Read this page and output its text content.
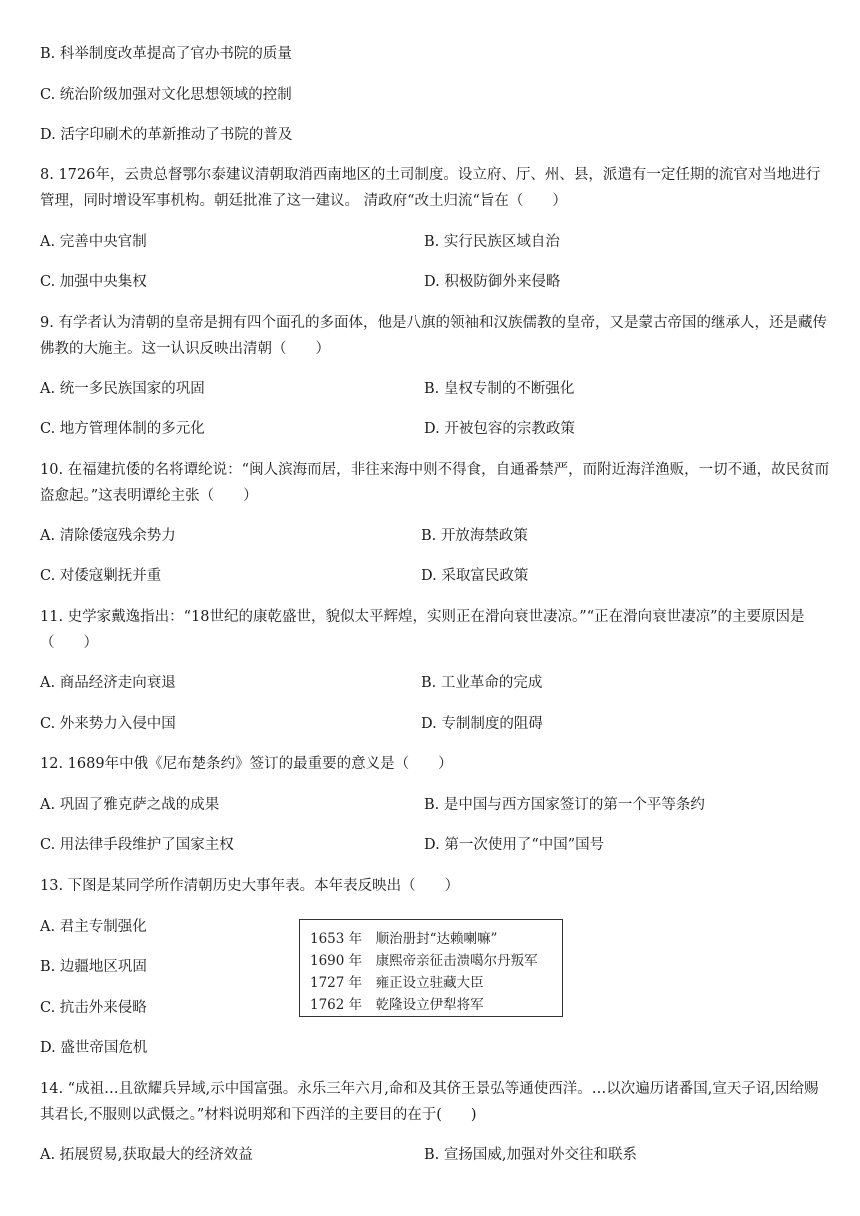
B. 科举制度改革提高了官办书院的质量
C. 统治阶级加强对文化思想领域的控制
D. 活字印刷术的革新推动了书院的普及
8. 1726年，云贵总督鄂尔泰建议清朝取消西南地区的土司制度。设立府、厅、州、县，派遣有一定任期的流官对当地进行管理，同时增设军事机构。朝廷批准了这一建议。 清政府“改土归流“旨在（　　）
A. 完善中央官制	B. 实行民族区域自治
C. 加强中央集权	D. 积极防御外来侵略
9. 有学者认为清朝的皇帝是拥有四个面孔的多面体，他是八旗的领袖和汉族儒教的皇帝，又是蒙古帝国的继承人，还是藏传佛教的大施主。这一认识反映出清朝（　　）
A. 统一多民族国家的巩固	B. 皇权专制的不断强化
C. 地方管理体制的多元化	D. 开被包容的宗教政策
10. 在福建抗倭的名将谭纶说：“闽人滨海而居，非往来海中则不得食，自通番禁严，而附近海洋渔贩，一切不通，故民贫而盗愈起。”这表明谭纶主张（　　）
A. 清除倭寇残余势力	B. 开放海禁政策
C. 对倭寇剿抚并重	D. 采取富民政策
11. 史学家戴逸指出：“18世纪的康乾盛世，貌似太平辉煌，实则正在滑向衰世凄凉。”“正在滑向衰世凄凉”的主要原因是（　　）
A. 商品经济走向衰退	B. 工业革命的完成
C. 外来势力入侵中国	D. 专制制度的阻碍
12. 1689年中俄《尼布楚条约》签订的最重要的意义是（　　）
A. 巩固了雅克萨之战的成果	B. 是中国与西方国家签订的第一个平等条约
C. 用法律手段维护了国家主权	D. 第一次使用了“中国”国号
13. 下图是某同学所作清朝历史大事年表。本年表反映出（　　）
A. 君主专制强化
B. 边疆地区巩固
C. 抗击外来侵略
D. 盛世帝国危机
1653 年　顺治册封“达赖喇嘛”
1690 年　康熙帝亲征击溃噶尔丹叛军
1727 年　雍正设立驻藏大臣
1762 年　乾隆设立伊犁将军
14. “成祖…且欲耀兵异域,示中国富强。永乐三年六月,命和及其侪王景弘等通使西洋。…以次遍历诸番国,宣天子诏,因给赐其君长,不服则以武慑之。”材料说明郑和下西洋的主要目的在于(　　)
A. 拓展贸易,获取最大的经济效益	B. 宣扬国威,加强对外交往和联系
